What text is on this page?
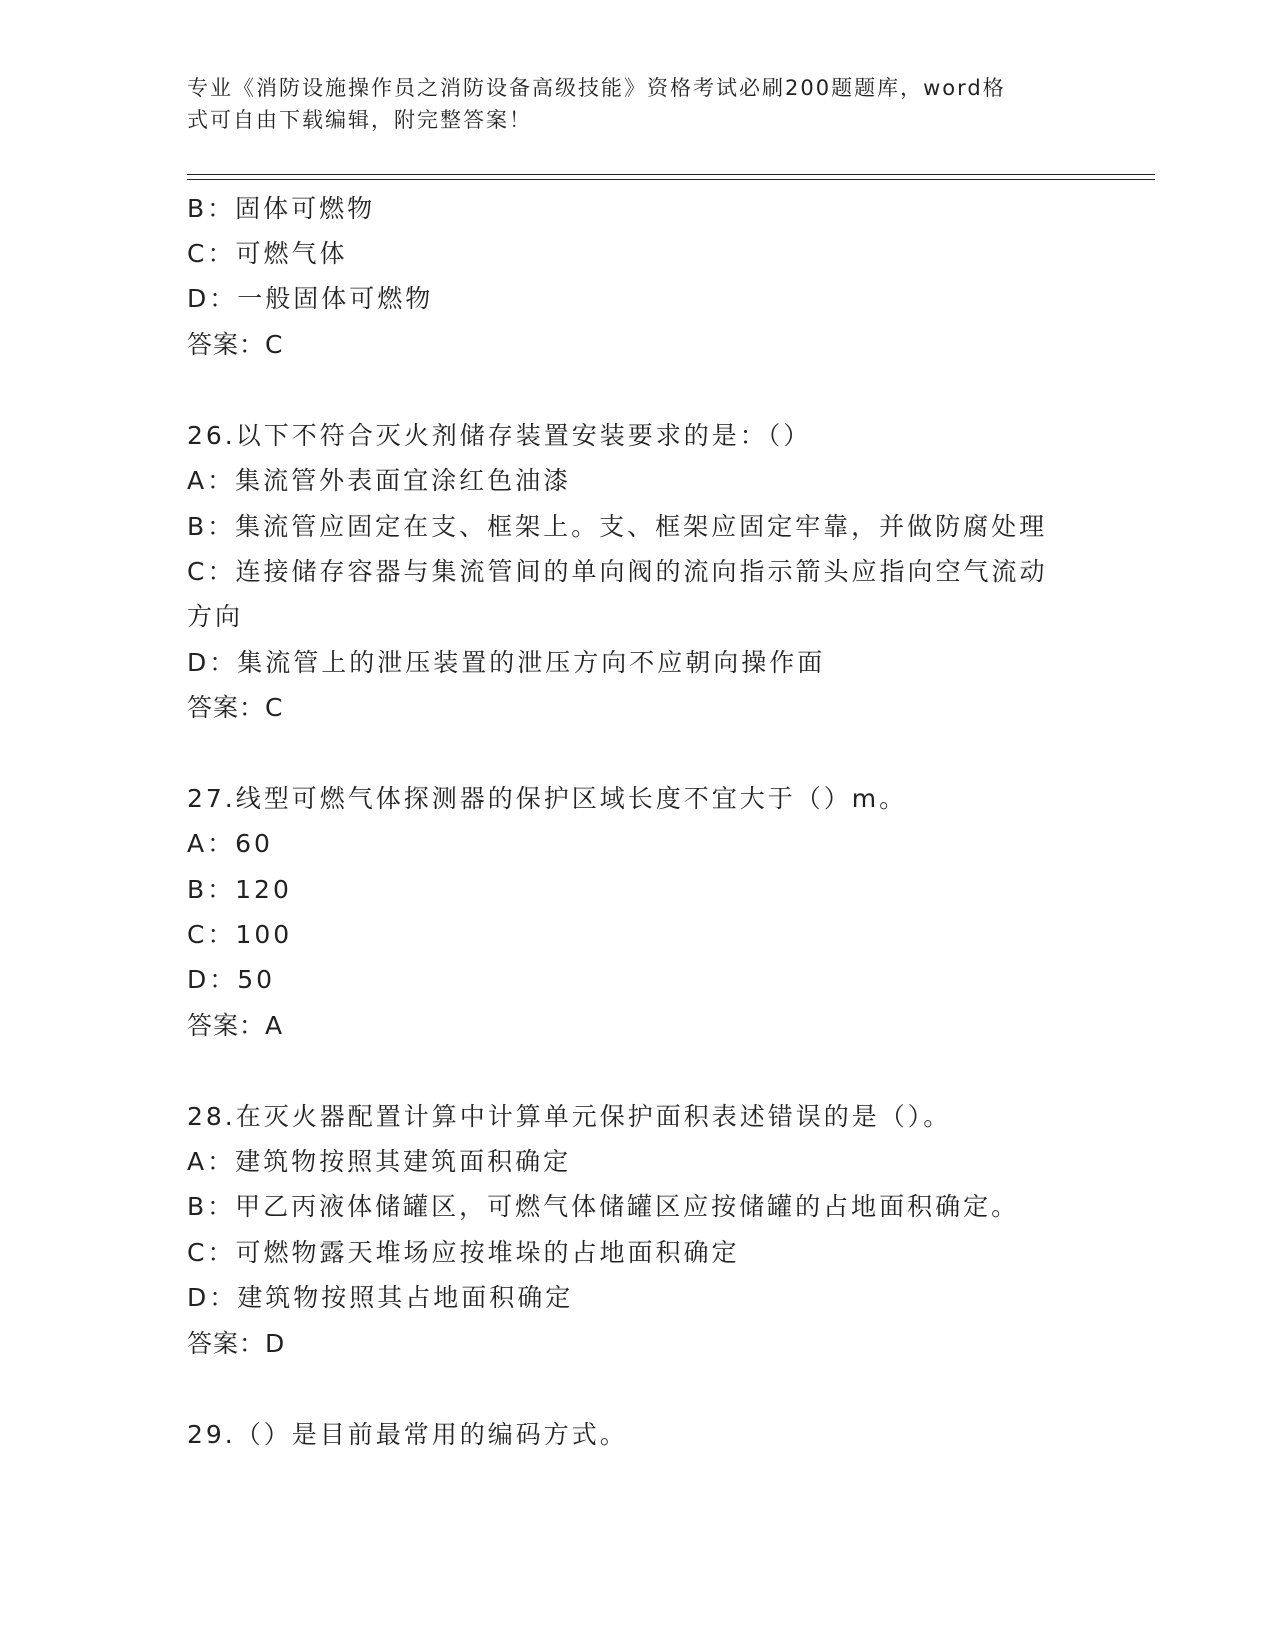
专业《消防设施操作员之消防设备高级技能》资格考试必刷200题题库，word格
式可自由下载编辑，附完整答案！
B：固体可燃物
C：可燃气体
D：一般固体可燃物
答案：C
26.以下不符合灭火剂储存装置安装要求的是：（）
A：集流管外表面宜涂红色油漆
B：集流管应固定在支、框架上。支、框架应固定牢靠，并做防腐处理
C：连接储存容器与集流管间的单向阀的流向指示箭头应指向空气流动
方向
D：集流管上的泄压装置的泄压方向不应朝向操作面
答案：C
27.线型可燃气体探测器的保护区域长度不宜大于（）m。
A：60
B：120
C：100
D：50
答案：A
28.在灭火器配置计算中计算单元保护面积表述错误的是（）。
A：建筑物按照其建筑面积确定
B：甲乙丙液体储罐区，可燃气体储罐区应按储罐的占地面积确定。
C：可燃物露天堆场应按堆垛的占地面积确定
D：建筑物按照其占地面积确定
答案：D
29.（）是目前最常用的编码方式。
